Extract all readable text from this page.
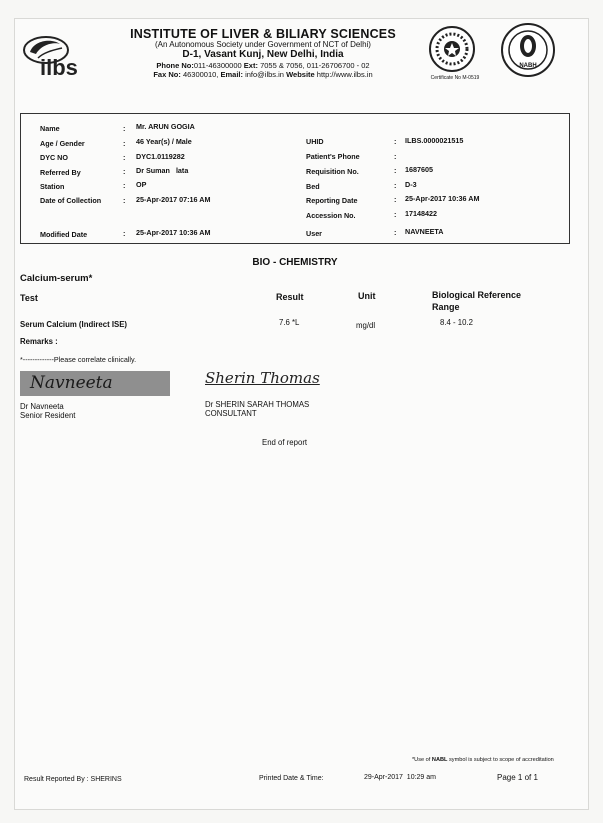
ilbs
INSTITUTE OF LIVER & BILIARY SCIENCES
(An Autonomous Society under Government of NCT of Delhi)
D-1, Vasant Kunj, New Delhi, India
Phone No:011-46300000 Ext: 7055 & 7056, 011-26706700 - 02
Fax No: 46300010, Email: info@ilbs.in Website http://www.ilbs.in	Certificate No M-0519
NABH
Name	: Mr. ARUN GOGIA
Age / Gender	: 46 Year(s) / Male
DYC NO	: DYC1.0119282
Referred By	: Dr Suman   lata
Station	: OP
Date of Collection	: 25-Apr-2017 07:16 AM
Modified Date	: 25-Apr-2017 10:36 AM
UHID	: ILBS.0000021515
Patient's Phone	:
Requisition No.	: 1687605
Bed	: D-3
Reporting Date	: 25-Apr-2017 10:36 AM
Accession No.	: 17148422
User	: NAVNEETA
BIO - CHEMISTRY
Calcium-serum*
Test	Result	Unit	Biological Reference
Range
Serum Calcium (Indirect ISE)	7.6 *L	mg/dl	8.4 - 10.2
Remarks :
*-------------Please correlate clinically.
Navneeta
Dr Navneeta
Senior Resident
Sherin Thomas
Dr SHERIN SARAH THOMAS
CONSULTANT
End of report
*Use of NABL symbol is subject to scope of accreditation
Result Reported By : SHERINS	Printed Date & Time:	29-Apr-2017  10:29 am	Page 1 of 1
